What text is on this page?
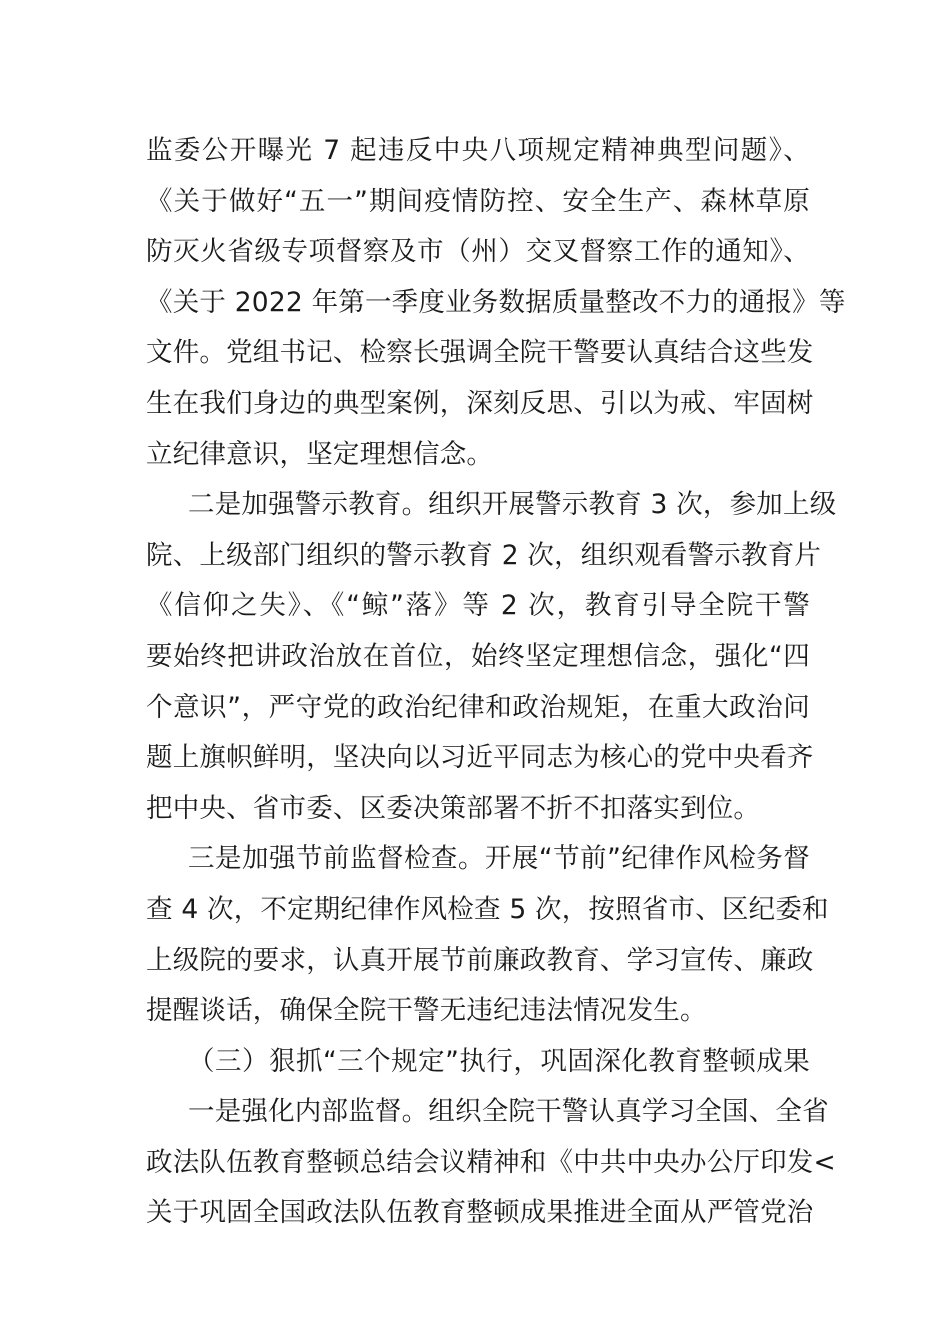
监委公开曝光 7 起违反中央八项规定精神典型问题》、
《关于做好“五一”期间疫情防控、安全生产、森林草原
防灭火省级专项督察及市（州）交叉督察工作的通知》、
《关于 2022 年第一季度业务数据质量整改不力的通报》等
文件。党组书记、检察长强调全院干警要认真结合这些发
生在我们身边的典型案例，深刻反思、引以为戒、牢固树
立纪律意识，坚定理想信念。
二是加强警示教育。组织开展警示教育 3 次，参加上级
院、上级部门组织的警示教育 2 次，组织观看警示教育片
《信仰之失》、《“鲸”落》等 2 次，教育引导全院干警
要始终把讲政治放在首位，始终坚定理想信念，强化“四
个意识”，严守党的政治纪律和政治规矩，在重大政治问
题上旗帜鲜明，坚决向以习近平同志为核心的党中央看齐
把中央、省市委、区委决策部署不折不扣落实到位。
三是加强节前监督检查。开展“节前”纪律作风检务督
查 4 次，不定期纪律作风检查 5 次，按照省市、区纪委和
上级院的要求，认真开展节前廉政教育、学习宣传、廉政
提醒谈话，确保全院干警无违纪违法情况发生。
（三）狠抓“三个规定”执行，巩固深化教育整顿成果
一是强化内部监督。组织全院干警认真学习全国、全省
政法队伍教育整顿总结会议精神和《中共中央办公厅印发<
关于巩固全国政法队伍教育整顿成果推进全面从严管党治
